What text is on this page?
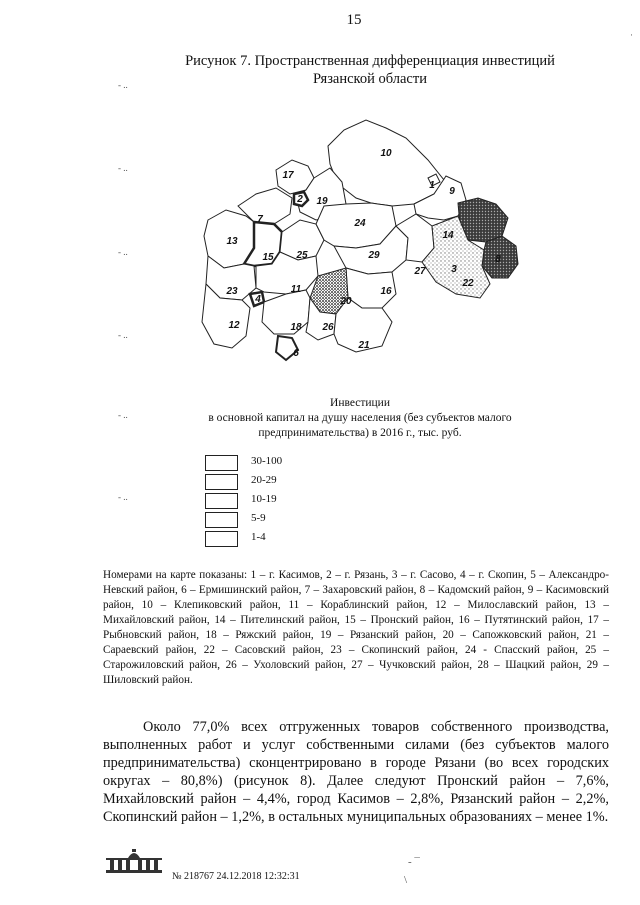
15
Рисунок 7. Пространственная дифференциация инвестиций
Рязанской области
- ..
- ..
- ..
- ..
- ..
- ..
·
10
17
2 19
7
13
15 25
24
1
9
14
8
29
27	3
22
23
4
11
20
16
12	18 26
21
6
Инвестиции
в основной капитал на душу населения (без субъектов малого
предпринимательства) в 2016 г., тыс. руб.
30-100
20-29
10-19
5-9
1-4
Номерами на карте показаны: 1 – г. Касимов, 2 – г. Рязань, 3 – г. Сасово, 4 – г. Скопин, 5 – Александро-Невский район, 6 – Ермишинский район, 7 – Захаровский район, 8 – Кадомский район, 9 – Касимовский район, 10 – Клепиковский район, 11 – Кораблинский район, 12 – Милославский район, 13 – Михайловский район, 14 – Пителинский район, 15 – Пронский район, 16 – Путятинский район, 17 – Рыбновский район, 18 – Ряжский район, 19 – Рязанский район, 20 – Сапожковский район, 21 – Сараевский район, 22 – Сасовский район, 23 – Скопинский район, 24 - Спасский район, 25 – Старожиловский район, 26 – Ухоловский район, 27 – Чучковский район, 28 – Шацкий район, 29 – Шиловский район.
Около 77,0% всех отгруженных товаров собственного производства, выполненных работ и услуг собственными силами (без субъектов малого предпринимательства) сконцентрировано в городе Рязани (во всех городских округах – 80,8%) (рисунок 8). Далее следуют Пронский район – 7,6%, Михайловский район – 4,4%, город Касимов – 2,8%, Рязанский район – 2,2%, Скопинский район – 1,2%, в остальных муниципальных образованиях – менее 1%.
№ 218767 24.12.2018 12:32:31
- ¯
\
